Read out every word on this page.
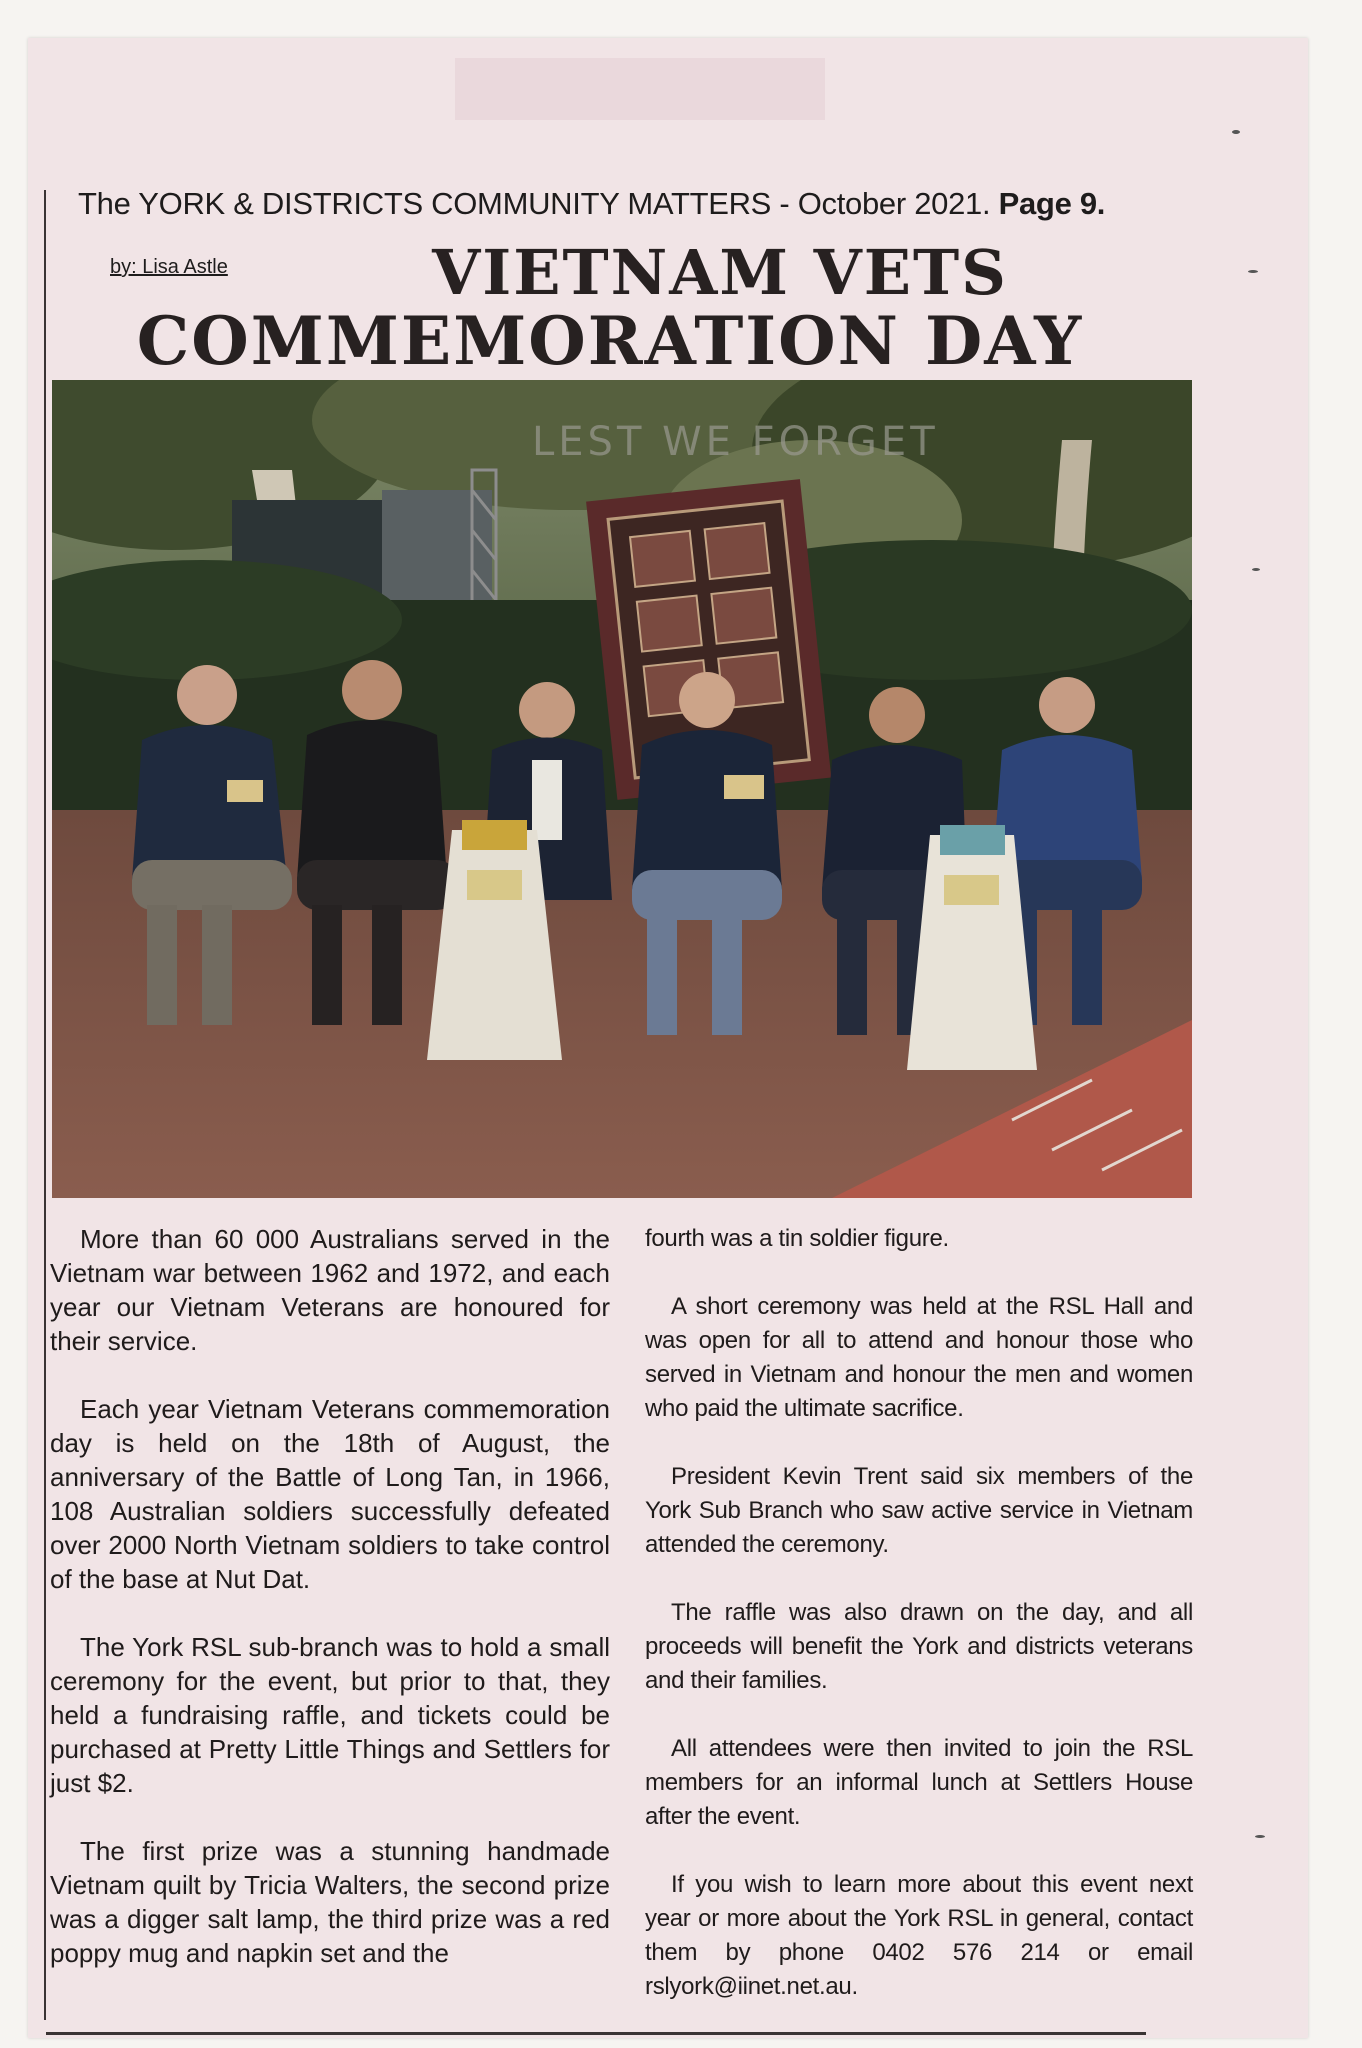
The YORK & DISTRICTS COMMUNITY MATTERS - October 2021. Page 9.
by: Lisa Astle	VIETNAM VETS
COMMEMORATION DAY
LEST WE FORGET

More than 60 000 Australians served in the Vietnam war between 1962 and 1972, and each year our Vietnam Veterans are honoured for their service.

Each year Vietnam Veterans commemoration day is held on the 18th of August, the anniversary of the Battle of Long Tan, in 1966, 108 Australian soldiers successfully defeated over 2000 North Vietnam soldiers to take control of the base at Nut Dat.

The York RSL sub-branch was to hold a small ceremony for the event, but prior to that, they held a fundraising raffle, and tickets could be purchased at Pretty Little Things and Settlers for just $2.

The first prize was a stunning handmade Vietnam quilt by Tricia Walters, the second prize was a digger salt lamp, the third prize was a red poppy mug and napkin set and the

fourth was a tin soldier figure.

A short ceremony was held at the RSL Hall and was open for all to attend and honour those who served in Vietnam and honour the men and women who paid the ultimate sacrifice.

President Kevin Trent said six members of the York Sub Branch who saw active service in Vietnam attended the ceremony.

The raffle was also drawn on the day, and all proceeds will benefit the York and districts veterans and their families.

All attendees were then invited to join the RSL members for an informal lunch at Settlers House after the event.

If you wish to learn more about this event next year or more about the York RSL in general, contact them by phone 0402 576 214 or email rslyork@iinet.net.au.
